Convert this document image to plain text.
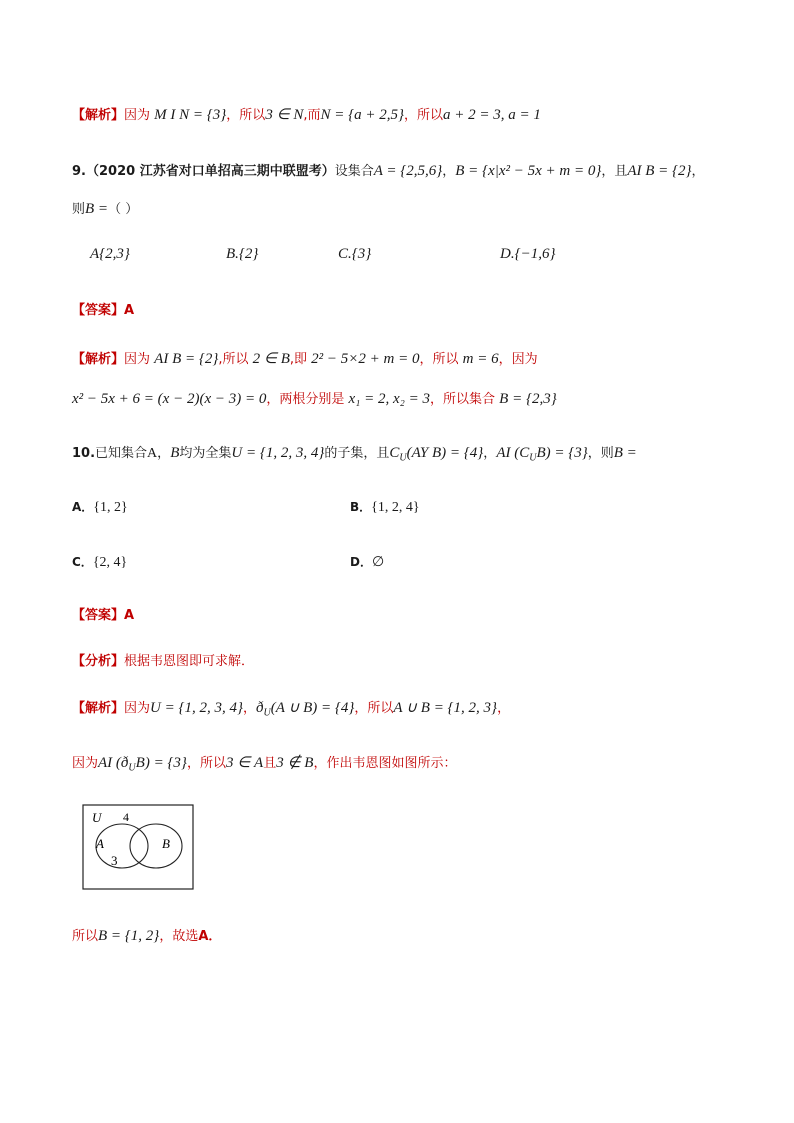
【解析】因为 M I N = {3}，所以3 ∈ N,而N = {a + 2,5}，所以a + 2 = 3, a = 1
9.（2020 江苏省对口单招高三期中联盟考）设集合A = {2,5,6}，B = {x|x² − 5x + m = 0}，且AI B = {2}，
则B =（ ）
A{2,3}	B.{2}	C.{3}	D.{−1,6}
【答案】A
【解析】因为 AI B = {2},所以 2 ∈ B,即 2² − 5×2 + m = 0，所以 m = 6，因为
x² − 5x + 6 = (x − 2)(x − 3) = 0，两根分别是 x₁ = 2, x₂ = 3，所以集合 B = {2,3}
10.已知集合A，B均为全集U = {1, 2, 3, 4}的子集，且$C_U(AY$ B) = {4}，AI $(C_UB) = \{3\}$，则B =
A．{1, 2}	B．{1, 2, 4}
C．{2, 4}	D．∅
【答案】A
【分析】根据韦恩图即可求解．
【解析】因为U = {1, 2, 3, 4}，$ð_U(A$ ∪ B) = {4}，所以A ∪ B = {1, 2, 3}，
因为AI $(ð_UB) = \{3\}$，所以3 ∈ A且3 ∉ B，作出韦恩图如图所示：
U 4
A
3
B
所以B = {1, 2}，故选A．
